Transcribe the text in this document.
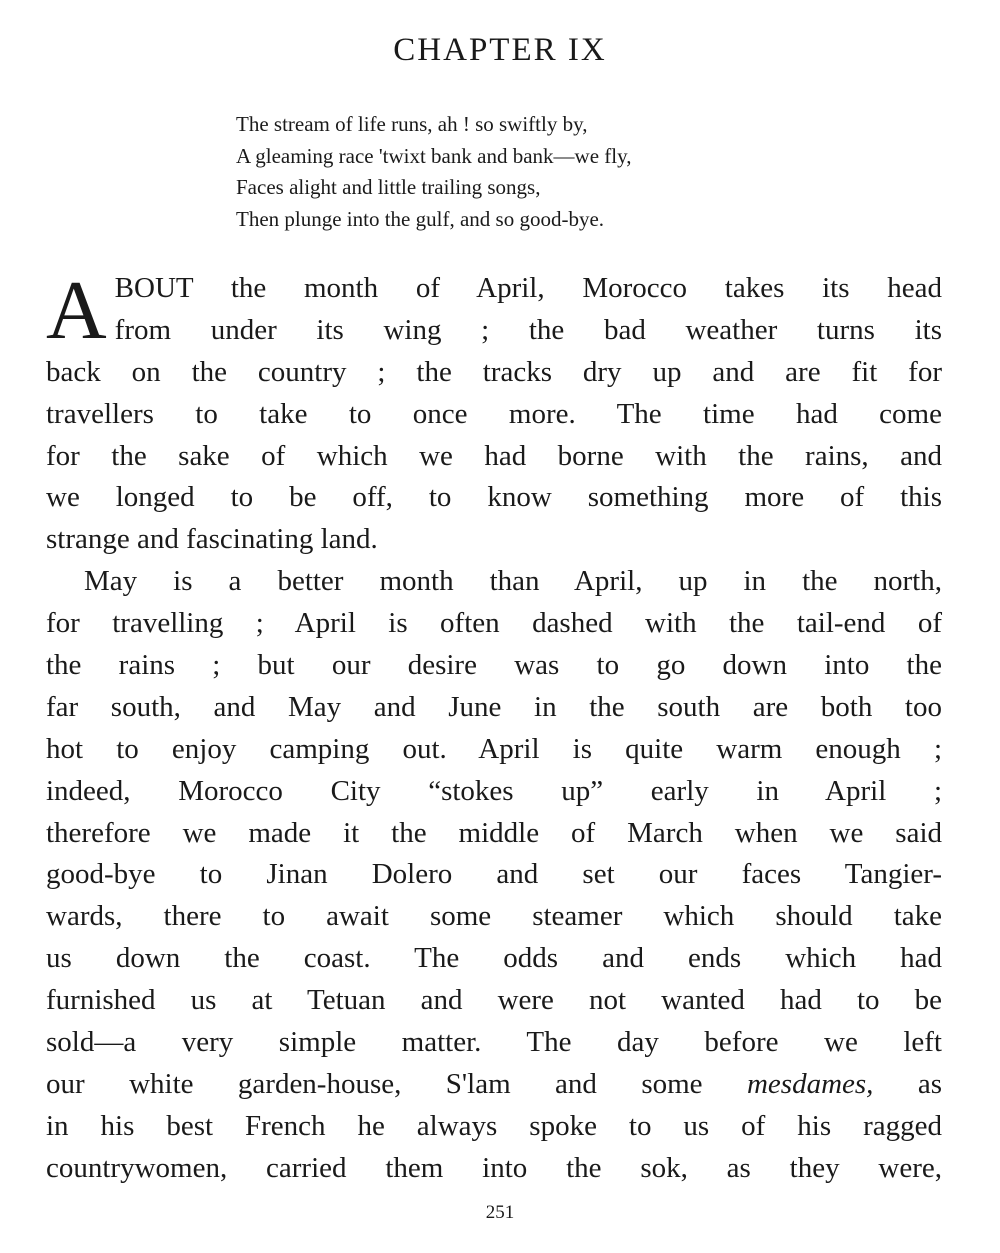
CHAPTER IX
The stream of life runs, ah ! so swiftly by,
A gleaming race 'twixt bank and bank—we fly,
Faces alight and little trailing songs,
Then plunge into the gulf, and so good-bye.
A BOUT the month of April, Morocco takes its head
from under its wing ; the bad weather turns its
back on the country ; the tracks dry up and are fit for
travellers to take to once more. The time had come
for the sake of which we had borne with the rains, and
we longed to be off, to know something more of this
strange and fascinating land.
May is a better month than April, up in the north,
for travelling ; April is often dashed with the tail-end of
the rains ; but our desire was to go down into the
far south, and May and June in the south are both too
hot to enjoy camping out. April is quite warm enough ;
indeed, Morocco City “stokes up” early in April ;
therefore we made it the middle of March when we said
good-bye to Jinan Dolero and set our faces Tangier-
wards, there to await some steamer which should take
us down the coast. The odds and ends which had
furnished us at Tetuan and were not wanted had to be
sold—a very simple matter. The day before we left
our white garden-house, S'lam and some mesdames, as
in his best French he always spoke to us of his ragged
countrywomen, carried them into the sok, as they were,
251
